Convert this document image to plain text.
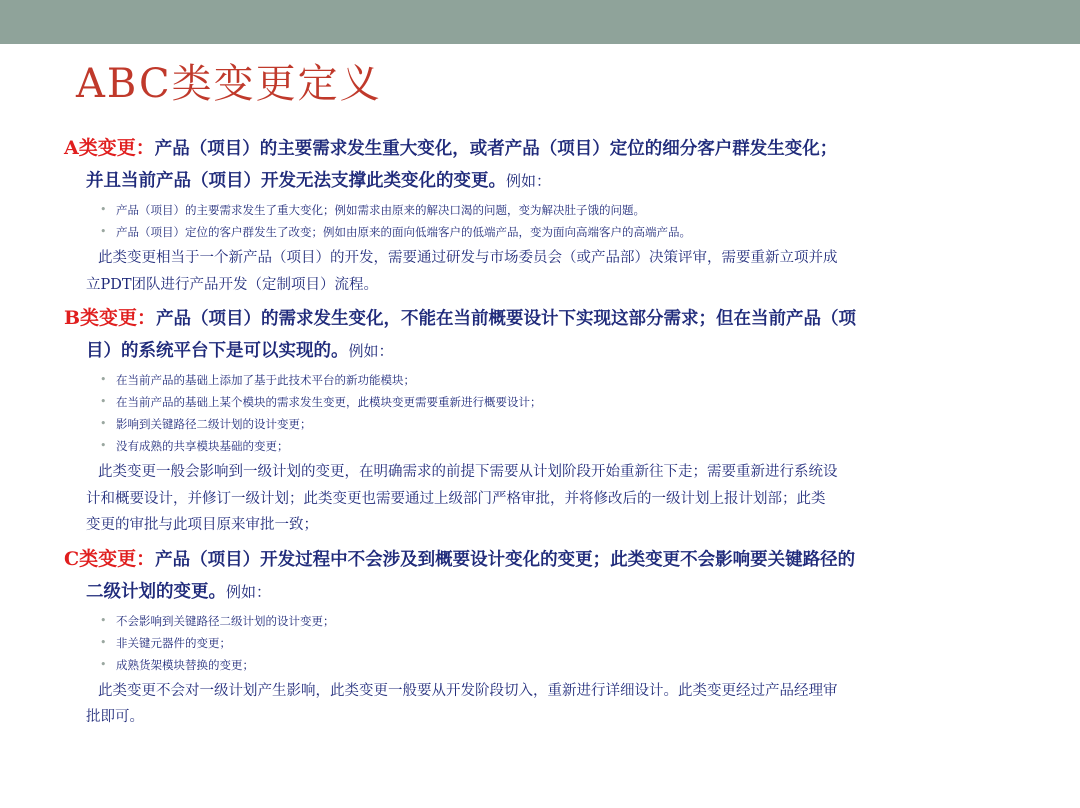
ABC类变更定义
A类变更：产品（项目）的主要需求发生重大变化，或者产品（项目）定位的细分客户群发生变化；
并且当前产品（项目）开发无法支撑此类变化的变更。例如：
• 产品（项目）的主要需求发生了重大变化；例如需求由原来的解决口渴的问题，变为解决肚子饿的问题。
• 产品（项目）定位的客户群发生了改变；例如由原来的面向低端客户的低端产品，变为面向高端客户的高端产品。
此类变更相当于一个新产品（项目）的开发，需要通过研发与市场委员会（或产品部）决策评审，需要重新立项并成
立PDT团队进行产品开发（定制项目）流程。
B类变更：产品（项目）的需求发生变化，不能在当前概要设计下实现这部分需求；但在当前产品（项
目）的系统平台下是可以实现的。例如：
• 在当前产品的基础上添加了基于此技术平台的新功能模块；
• 在当前产品的基础上某个模块的需求发生变更，此模块变更需要重新进行概要设计；
• 影响到关键路径二级计划的设计变更；
• 没有成熟的共享模块基础的变更；
此类变更一般会影响到一级计划的变更，在明确需求的前提下需要从计划阶段开始重新往下走；需要重新进行系统设
计和概要设计，并修订一级计划；此类变更也需要通过上级部门严格审批，并将修改后的一级计划上报计划部；此类
变更的审批与此项目原来审批一致；
C类变更：产品（项目）开发过程中不会涉及到概要设计变化的变更；此类变更不会影响要关键路径的
二级计划的变更。例如：
• 不会影响到关键路径二级计划的设计变更；
• 非关键元器件的变更；
• 成熟货架模块替换的变更；
此类变更不会对一级计划产生影响，此类变更一般要从开发阶段切入，重新进行详细设计。此类变更经过产品经理审
批即可。
